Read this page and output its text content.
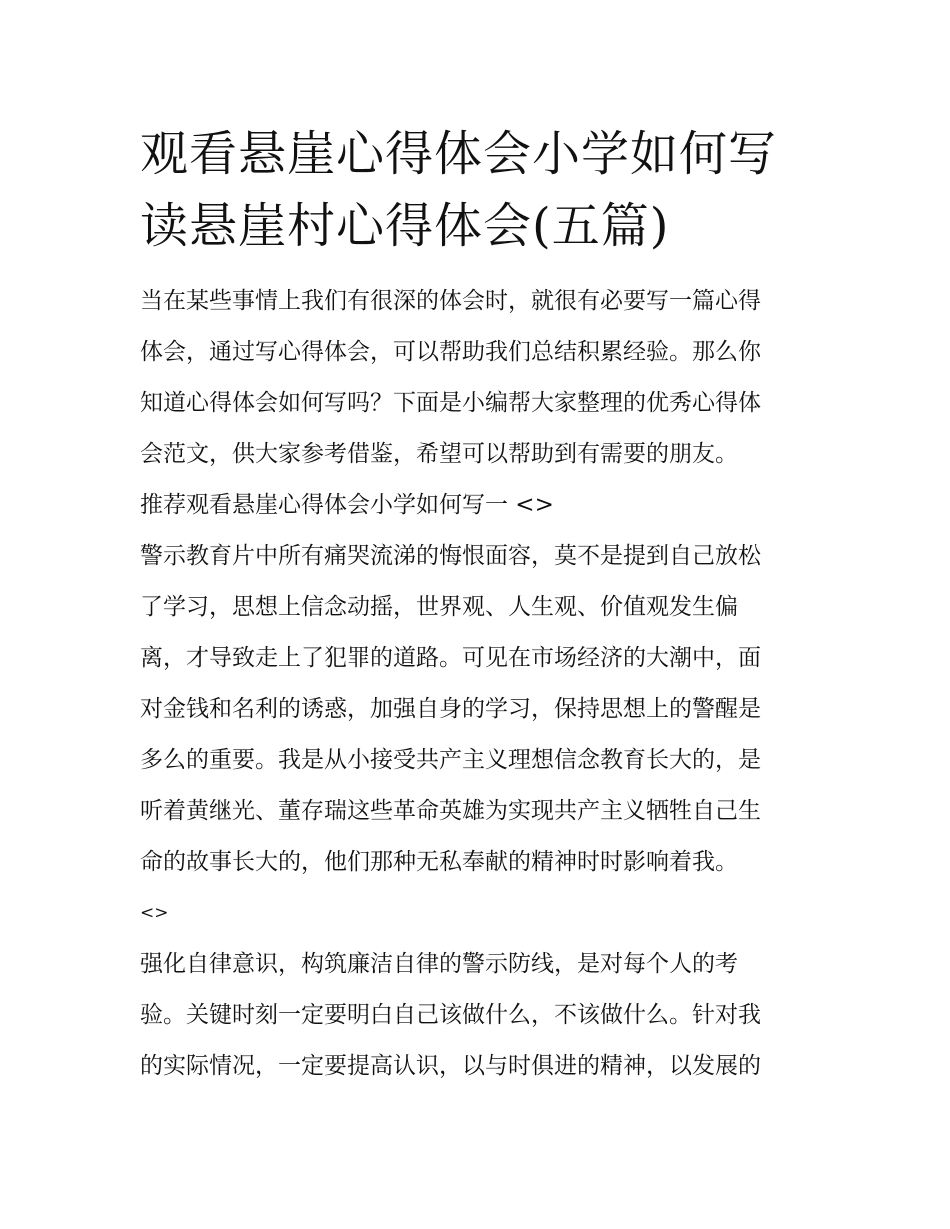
观看悬崖心得体会小学如何写
读悬崖村心得体会(五篇)
当在某些事情上我们有很深的体会时，就很有必要写一篇心得
体会，通过写心得体会，可以帮助我们总结积累经验。那么你
知道心得体会如何写吗？下面是小编帮大家整理的优秀心得体
会范文，供大家参考借鉴，希望可以帮助到有需要的朋友。
推荐观看悬崖心得体会小学如何写一 <>
警示教育片中所有痛哭流涕的悔恨面容，莫不是提到自己放松
了学习，思想上信念动摇，世界观、人生观、价值观发生偏
离，才导致走上了犯罪的道路。可见在市场经济的大潮中，面
对金钱和名利的诱惑，加强自身的学习，保持思想上的警醒是
多么的重要。我是从小接受共产主义理想信念教育长大的，是
听着黄继光、董存瑞这些革命英雄为实现共产主义牺牲自己生
命的故事长大的，他们那种无私奉献的精神时时影响着我。
<>
强化自律意识，构筑廉洁自律的警示防线，是对每个人的考
验。关键时刻一定要明白自己该做什么，不该做什么。针对我
的实际情况，一定要提高认识，以与时俱进的精神，以发展的
